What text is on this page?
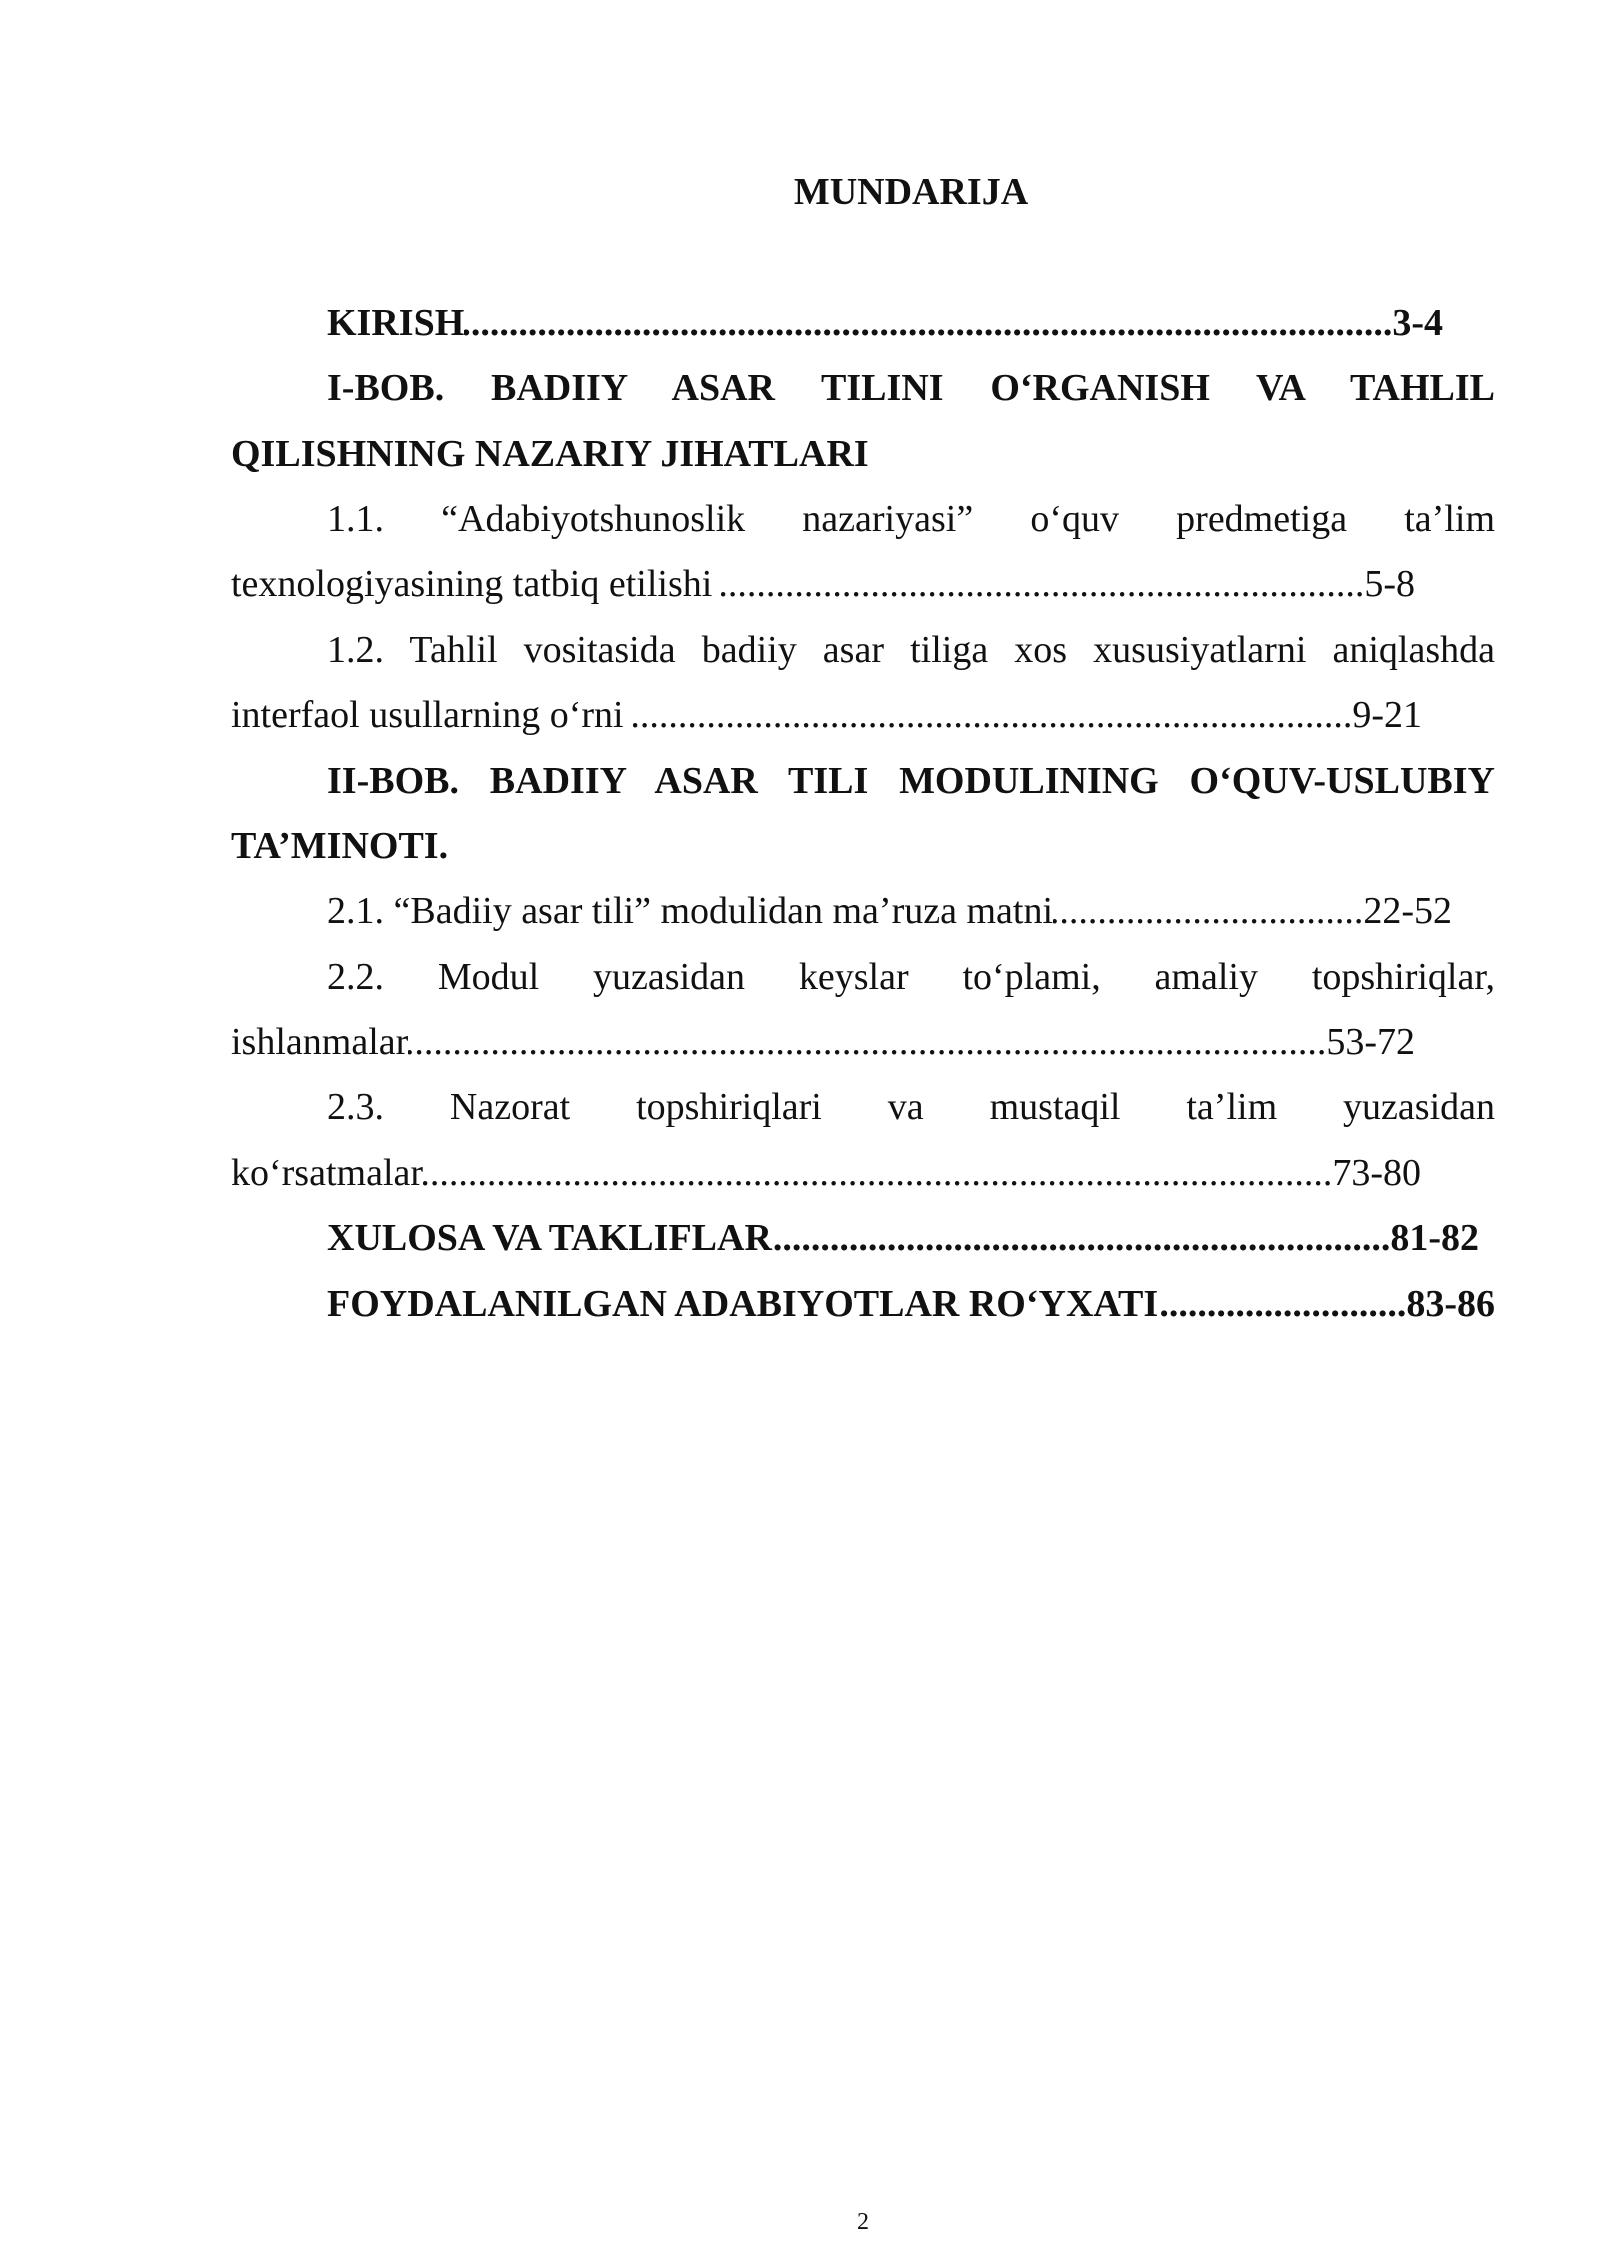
MUNDARIJA
KIRISH .....	3-4
I-BOB. BADIIY ASAR TILINI O‘RGANISH VA TAHLIL
QILISHNING NAZARIY JIHATLARI
1.1. “Adabiyotshunoslik nazariyasi” o‘quv predmetiga ta’lim
texnologiyasining tatbiq etilishi .....	5-8
1.2. Tahlil vositasida badiiy asar tiliga xos xususiyatlarni aniqlashda
interfaol usullarning o‘rni .....	9-21
II-BOB. BADIIY ASAR TILI MODULINING O‘QUV-USLUBIY
TA’MINOTI.
2.1. “Badiiy asar tili” modulidan ma’ruza matni .....	22-52
2.2. Modul yuzasidan keyslar to‘plami, amaliy topshiriqlar,
ishlanmalar .....	53-72
2.3. Nazorat topshiriqlari va mustaqil ta’lim yuzasidan
ko‘rsatmalar .....	73-80
XULOSA VA TAKLIFLAR .....	81-82
FOYDALANILGAN ADABIYOTLAR RO‘YXATI .....	83-86
2
